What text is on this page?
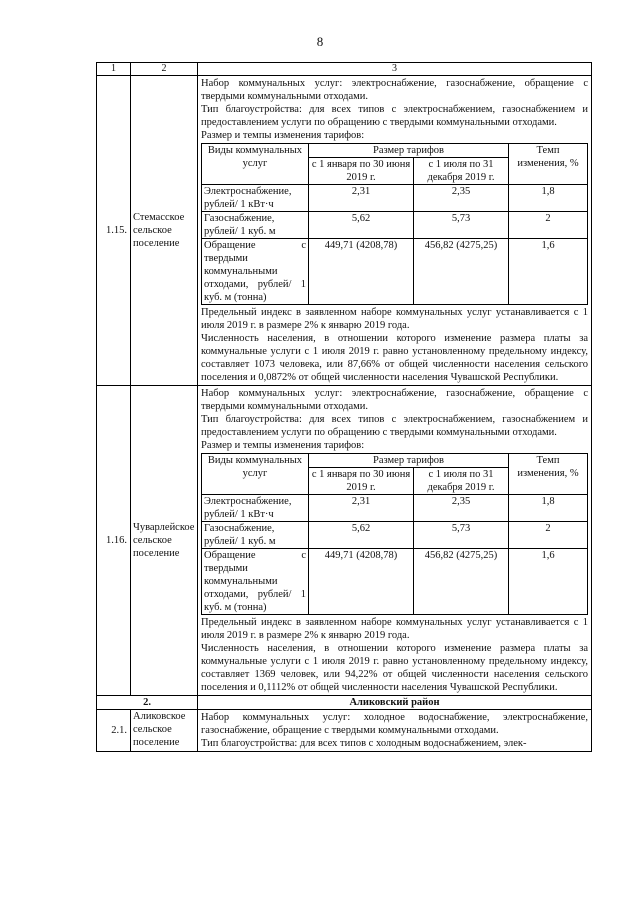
8
1	2	3
1.15.	Стемасское сельское поселение	

Набор коммунальных услуг: электроснабжение, газоснабжение, обращение с твердыми коммунальными отходами.

Тип благоустройства: для всех типов с электроснабжением, газоснабжением и предоставлением услуги по обращению с твердыми коммунальными отходами.

Размер и темпы изменения тарифов:

Виды коммунальных услуг	Размер тарифов	Темп изменения, %
с 1 января по 30 июня 2019 г.	с 1 июля по 31 декабря 2019 г.
Электроснабжение, рублей/ 1 кВт·ч	2,31	2,35	1,8
Газоснабжение, рублей/ 1 куб. м	5,62	5,73	2
Обращение с твердыми коммунальными отходами, рублей/ 1 куб. м (тонна)	449,71 (4208,78)	456,82 (4275,25)	1,6

Предельный индекс в заявленном наборе коммунальных услуг устанавливается с 1 июля 2019 г. в размере 2% к январю 2019 года.

Численность населения, в отношении которого изменение размера платы за коммунальные услуги с 1 июля 2019 г. равно установленному предельному индексу, составляет 1073 человека, или 87,66% от общей численности населения сельского поселения и 0,0872% от общей численности населения Чувашской Республики.

1.16.	Чуварлейское сельское поселение	

Набор коммунальных услуг: электроснабжение, газоснабжение, обращение с твердыми коммунальными отходами.

Тип благоустройства: для всех типов с электроснабжением, газоснабжением и предоставлением услуги по обращению с твердыми коммунальными отходами.

Размер и темпы изменения тарифов:

Виды коммунальных услуг	Размер тарифов	Темп изменения, %
с 1 января по 30 июня 2019 г.	с 1 июля по 31 декабря 2019 г.
Электроснабжение, рублей/ 1 кВт·ч	2,31	2,35	1,8
Газоснабжение, рублей/ 1 куб. м	5,62	5,73	2
Обращение с твердыми коммунальными отходами, рублей/ 1 куб. м (тонна)	449,71 (4208,78)	456,82 (4275,25)	1,6

Предельный индекс в заявленном наборе коммунальных услуг устанавливается с 1 июля 2019 г. в размере 2% к январю 2019 года.

Численность населения, в отношении которого изменение размера платы за коммунальные услуги с 1 июля 2019 г. равно установленному предельному индексу, составляет 1369 человек, или 94,22% от общей численности населения сельского поселения и 0,1112% от общей численности населения Чувашской Республики.

2.	Аликовский район
2.1.	Аликовское сельское поселение	

Набор коммунальных услуг: холодное водоснабжение, электроснабжение, газоснабжение, обращение с твердыми коммунальными отходами.

Тип благоустройства: для всех типов с холодным водоснабжением, элек-
